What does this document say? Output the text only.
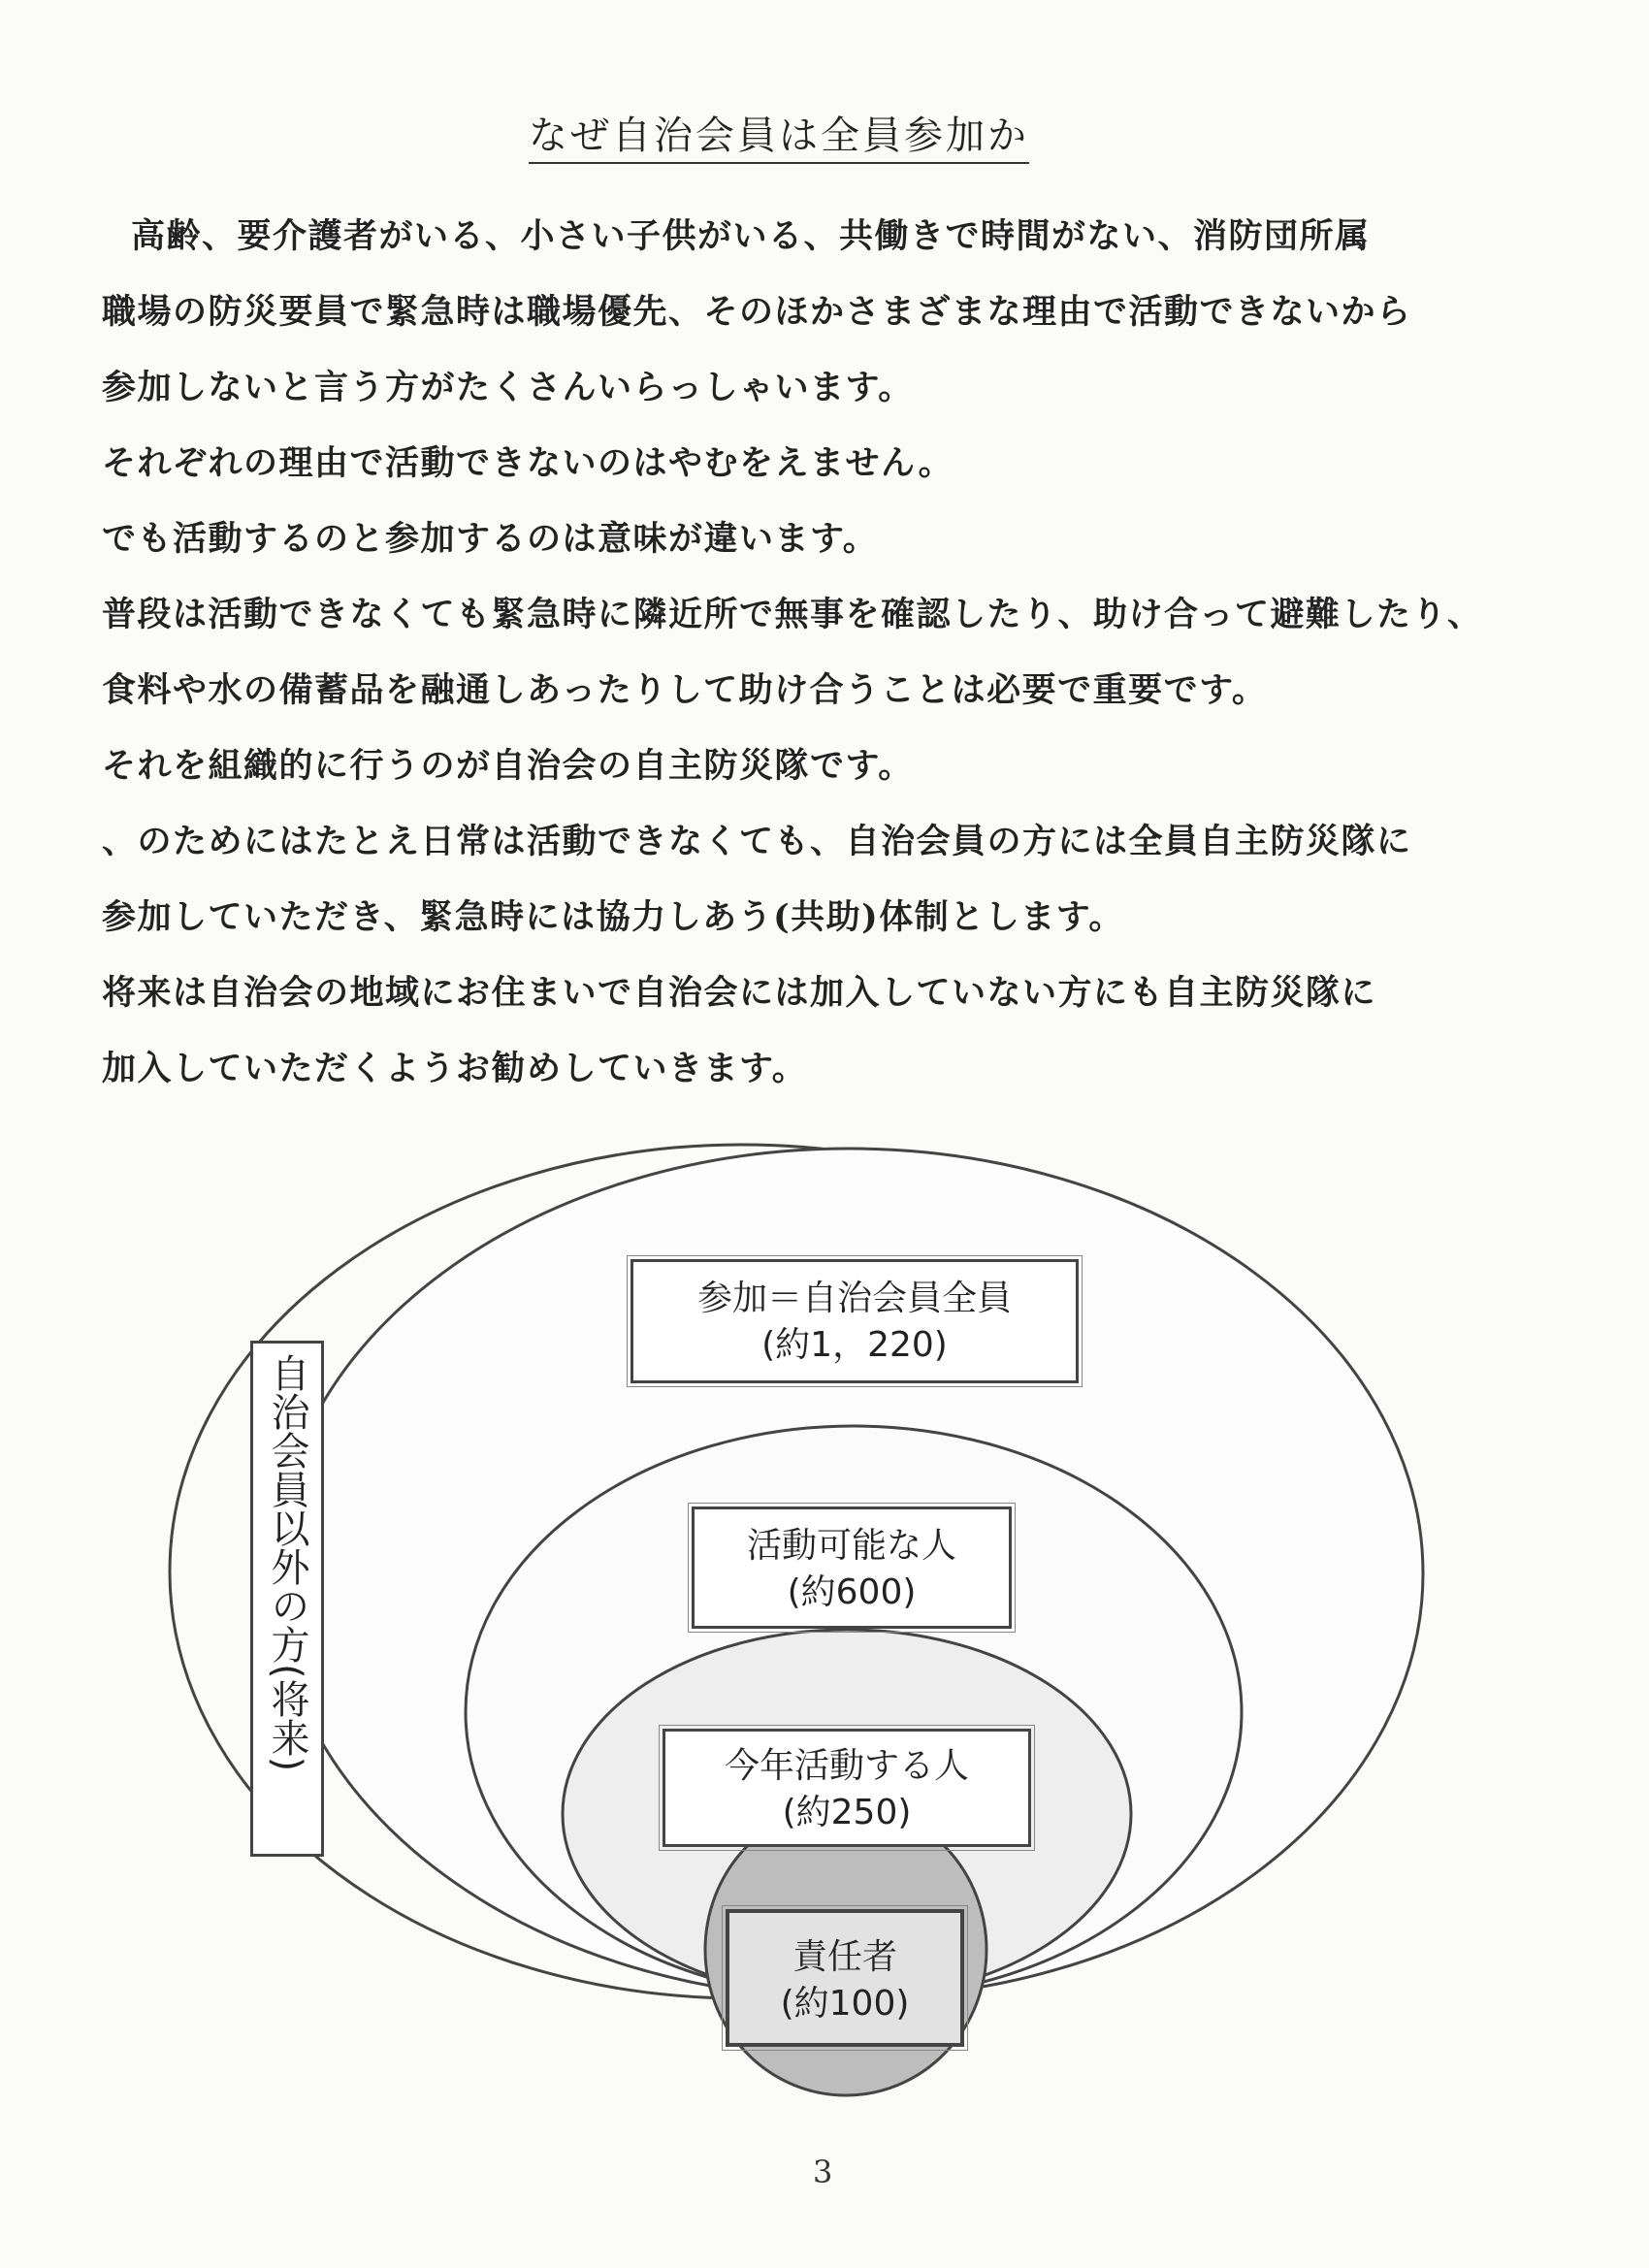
なぜ自治会員は全員参加か
高齢、要介護者がいる、小さい子供がいる、共働きで時間がない、消防団所属
職場の防災要員で緊急時は職場優先、そのほかさまざまな理由で活動できないから
参加しないと言う方がたくさんいらっしゃいます。
それぞれの理由で活動できないのはやむをえません。
でも活動するのと参加するのは意味が違います。
普段は活動できなくても緊急時に隣近所で無事を確認したり、助け合って避難したり、
食料や水の備蓄品を融通しあったりして助け合うことは必要で重要です。
それを組織的に行うのが自治会の自主防災隊です。
、のためにはたとえ日常は活動できなくても、自治会員の方には全員自主防災隊に
参加していただき、緊急時には協力しあう(共助)体制とします。
将来は自治会の地域にお住まいで自治会には加入していない方にも自主防災隊に
加入していただくようお勧めしていきます。
自治会員以外の方(将来)
参加＝自治会員全員
(約1，220)
活動可能な人
(約600)
今年活動する人
(約250)
責任者
(約100)
3
